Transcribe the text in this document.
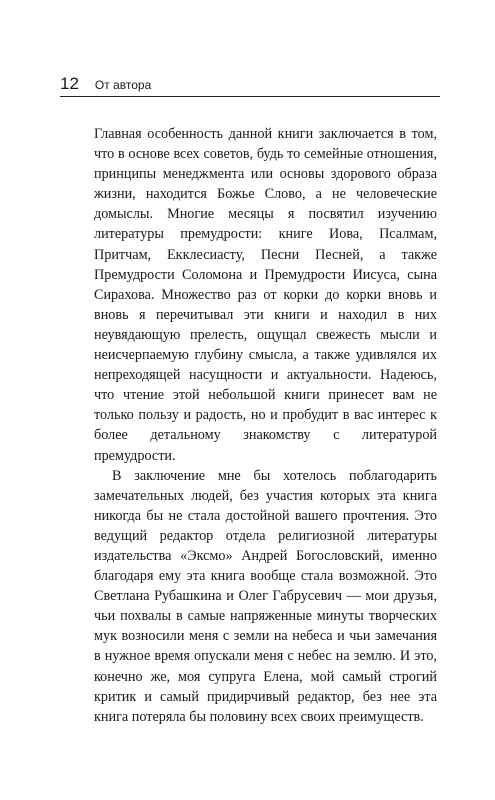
12 От автора

Главная особенность данной книги заключается в том, что в основе всех советов, будь то семейные отношения, принципы менеджмента или основы здорового образа жизни, находится Божье Слово, а не человеческие домыслы. Многие месяцы я посвятил изучению литературы премудрости: книге Иова, Псалмам, Притчам, Екклесиасту, Песни Песней, а также Премудрости Соломона и Премудрости Иисуса, сына Сирахова. Множество раз от корки до корки вновь и вновь я перечитывал эти книги и находил в них неувядающую прелесть, ощущал свежесть мысли и неисчерпаемую глубину смысла, а также удивлялся их непреходящей насущности и актуальности. Надеюсь, что чтение этой небольшой книги принесет вам не только пользу и радость, но и пробудит в вас интерес к более детальному знакомству с литературой премудрости.

В заключение мне бы хотелось поблагодарить замечательных людей, без участия которых эта книга никогда бы не стала достойной вашего прочтения. Это ведущий редактор отдела религиозной литературы издательства «Эксмо» Андрей Богословский, именно благодаря ему эта книга вообще стала возможной. Это Светлана Рубашкина и Олег Габрусевич — мои друзья, чьи похвалы в самые напряженные минуты творческих мук возносили меня с земли на небеса и чьи замечания в нужное время опускали меня с небес на землю. И это, конечно же, моя супруга Елена, мой самый строгий критик и самый придирчивый редактор, без нее эта книга потеряла бы половину всех своих преимуществ.
